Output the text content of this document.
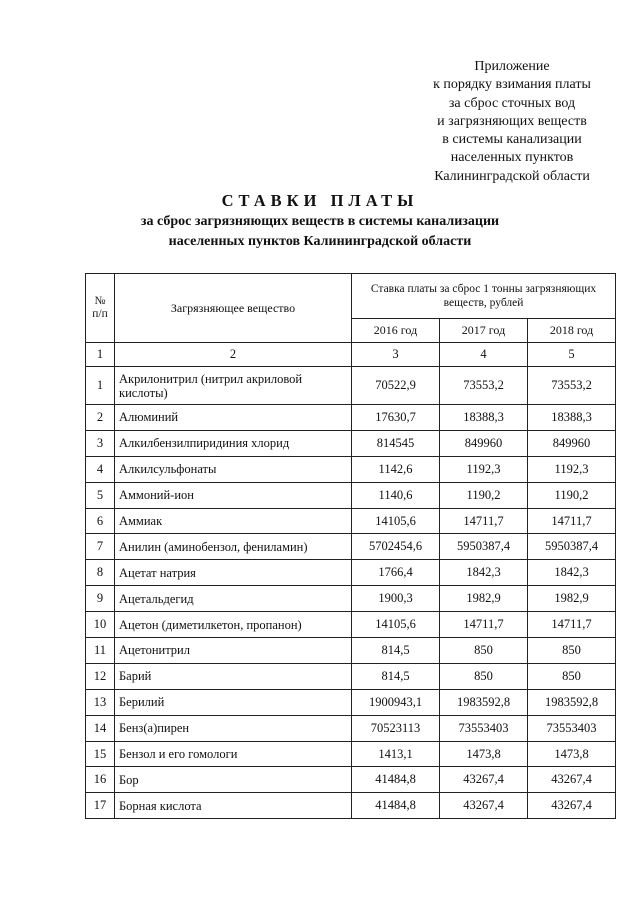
Приложение
к порядку взимания платы
за сброс сточных вод
и загрязняющих веществ
в системы канализации
населенных пунктов
Калининградской области
СТАВКИ ПЛАТЫ
за сброс загрязняющих веществ в системы канализации
населенных пунктов Калининградской области
№ п/п	Загрязняющее вещество	Ставка платы за сброс 1 тонны загрязняющих веществ, рублей		
		2016 год	2017 год	2018 год
1	2	3	4	5
1	Акрилонитрил (нитрил акриловой кислоты)	70522,9	73553,2	73553,2
2	Алюминий	17630,7	18388,3	18388,3
3	Алкилбензилпиридиния хлорид	814545	849960	849960
4	Алкилсульфонаты	1142,6	1192,3	1192,3
5	Аммоний-ион	1140,6	1190,2	1190,2
6	Аммиак	14105,6	14711,7	14711,7
7	Анилин (аминобензол, фениламин)	5702454,6	5950387,4	5950387,4
8	Ацетат натрия	1766,4	1842,3	1842,3
9	Ацетальдегид	1900,3	1982,9	1982,9
10	Ацетон (диметилкетон, пропанон)	14105,6	14711,7	14711,7
11	Ацетонитрил	814,5	850	850
12	Барий	814,5	850	850
13	Берилий	1900943,1	1983592,8	1983592,8
14	Бенз(а)пирен	70523113	73553403	73553403
15	Бензол и его гомологи	1413,1	1473,8	1473,8
16	Бор	41484,8	43267,4	43267,4
17	Борная кислота	41484,8	43267,4	43267,4
